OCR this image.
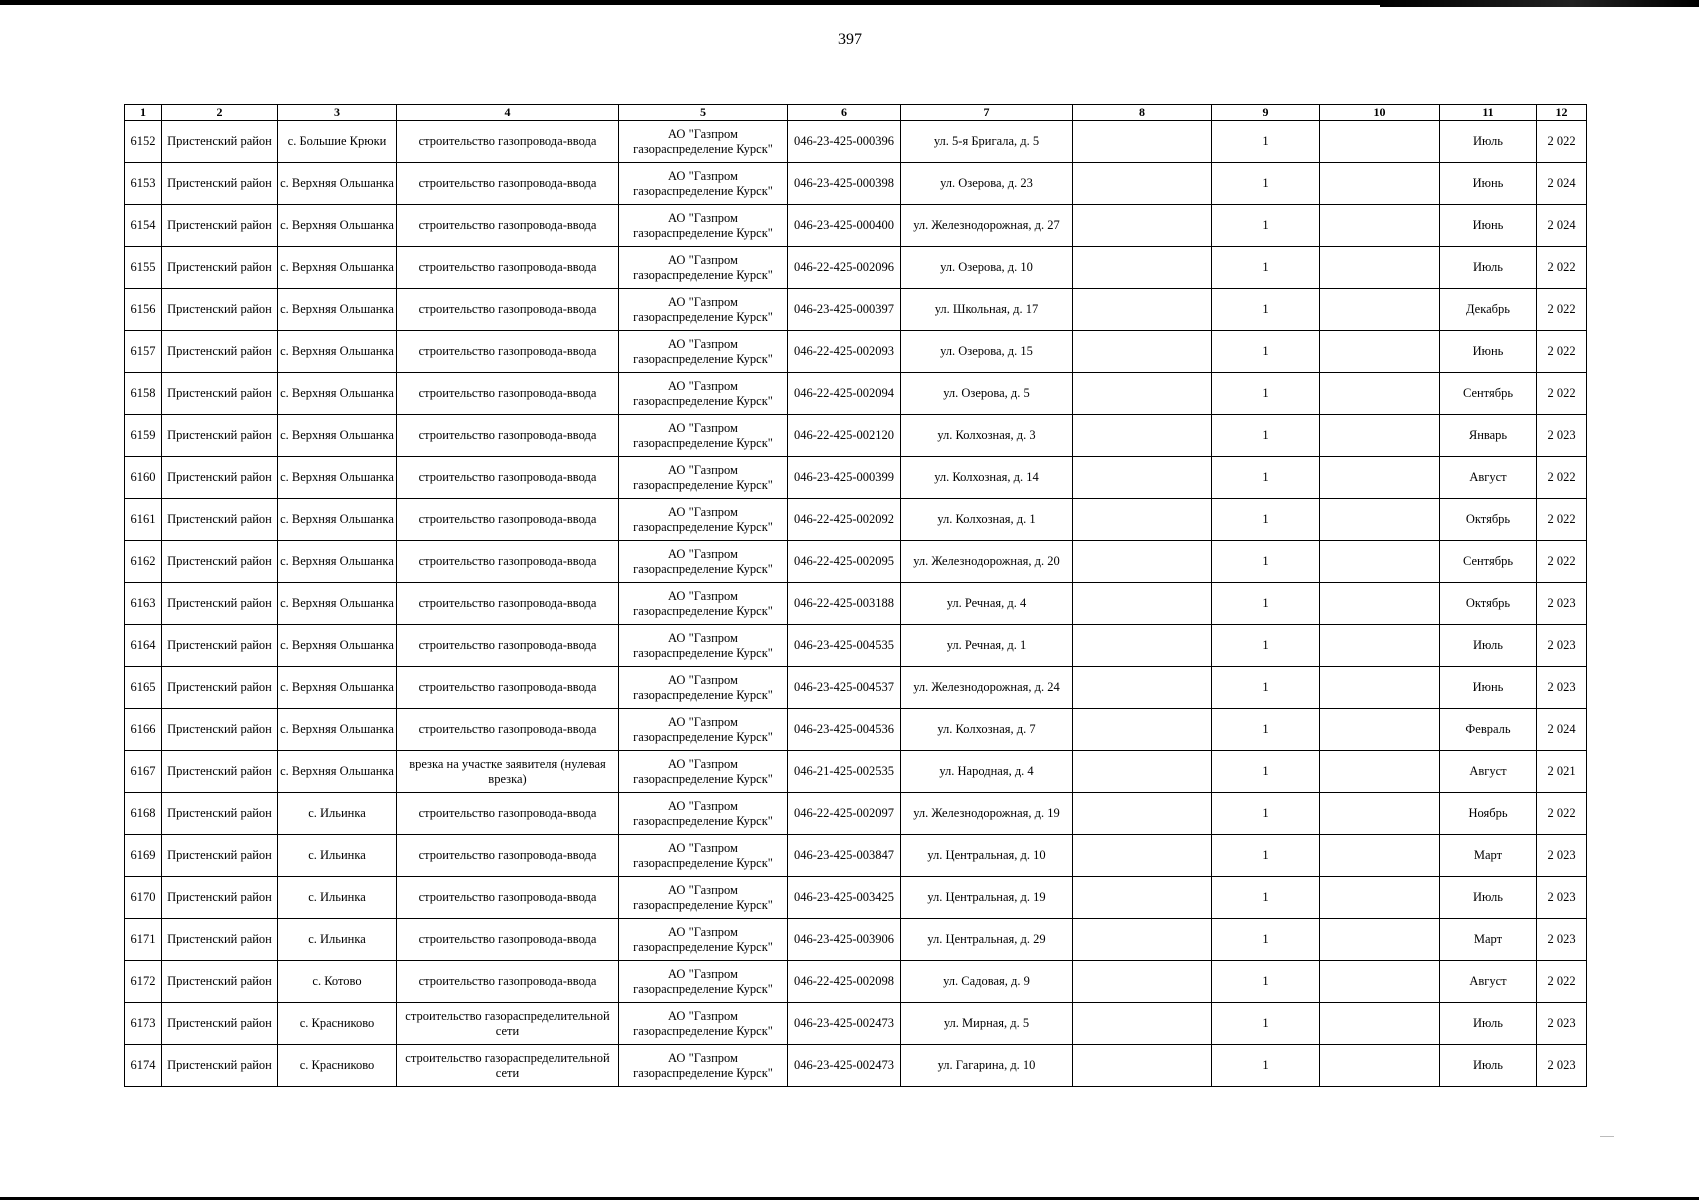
397
1	2	3	4	5	6	7	8	9	10	11	12
6152	Пристенский район	с. Большие Крюки	строительство газопровода-ввода	АО "Газпром газораспределение Курск"	046-23-425-000396	ул. 5-я Бригала, д. 5		1		Июль	2 022
6153	Пристенский район	с. Верхняя Ольшанка	строительство газопровода-ввода	АО "Газпром газораспределение Курск"	046-23-425-000398	ул. Озерова, д. 23		1		Июнь	2 024
6154	Пристенский район	с. Верхняя Ольшанка	строительство газопровода-ввода	АО "Газпром газораспределение Курск"	046-23-425-000400	ул. Железнодорожная, д. 27		1		Июнь	2 024
6155	Пристенский район	с. Верхняя Ольшанка	строительство газопровода-ввода	АО "Газпром газораспределение Курск"	046-22-425-002096	ул. Озерова, д. 10		1		Июль	2 022
6156	Пристенский район	с. Верхняя Ольшанка	строительство газопровода-ввода	АО "Газпром газораспределение Курск"	046-23-425-000397	ул. Школьная, д. 17		1		Декабрь	2 022
6157	Пристенский район	с. Верхняя Ольшанка	строительство газопровода-ввода	АО "Газпром газораспределение Курск"	046-22-425-002093	ул. Озерова, д. 15		1		Июнь	2 022
6158	Пристенский район	с. Верхняя Ольшанка	строительство газопровода-ввода	АО "Газпром газораспределение Курск"	046-22-425-002094	ул. Озерова, д. 5		1		Сентябрь	2 022
6159	Пристенский район	с. Верхняя Ольшанка	строительство газопровода-ввода	АО "Газпром газораспределение Курск"	046-22-425-002120	ул. Колхозная, д. 3		1		Январь	2 023
6160	Пристенский район	с. Верхняя Ольшанка	строительство газопровода-ввода	АО "Газпром газораспределение Курск"	046-23-425-000399	ул. Колхозная, д. 14		1		Август	2 022
6161	Пристенский район	с. Верхняя Ольшанка	строительство газопровода-ввода	АО "Газпром газораспределение Курск"	046-22-425-002092	ул. Колхозная, д. 1		1		Октябрь	2 022
6162	Пристенский район	с. Верхняя Ольшанка	строительство газопровода-ввода	АО "Газпром газораспределение Курск"	046-22-425-002095	ул. Железнодорожная, д. 20		1		Сентябрь	2 022
6163	Пристенский район	с. Верхняя Ольшанка	строительство газопровода-ввода	АО "Газпром газораспределение Курск"	046-22-425-003188	ул. Речная, д. 4		1		Октябрь	2 023
6164	Пристенский район	с. Верхняя Ольшанка	строительство газопровода-ввода	АО "Газпром газораспределение Курск"	046-23-425-004535	ул. Речная, д. 1		1		Июль	2 023
6165	Пристенский район	с. Верхняя Ольшанка	строительство газопровода-ввода	АО "Газпром газораспределение Курск"	046-23-425-004537	ул. Железнодорожная, д. 24		1		Июнь	2 023
6166	Пристенский район	с. Верхняя Ольшанка	строительство газопровода-ввода	АО "Газпром газораспределение Курск"	046-23-425-004536	ул. Колхозная, д. 7		1		Февраль	2 024
6167	Пристенский район	с. Верхняя Ольшанка	врезка на участке заявителя (нулевая врезка)	АО "Газпром газораспределение Курск"	046-21-425-002535	ул. Народная, д. 4		1		Август	2 021
6168	Пристенский район	с. Ильинка	строительство газопровода-ввода	АО "Газпром газораспределение Курск"	046-22-425-002097	ул. Железнодорожная, д. 19		1		Ноябрь	2 022
6169	Пристенский район	с. Ильинка	строительство газопровода-ввода	АО "Газпром газораспределение Курск"	046-23-425-003847	ул. Центральная, д. 10		1		Март	2 023
6170	Пристенский район	с. Ильинка	строительство газопровода-ввода	АО "Газпром газораспределение Курск"	046-23-425-003425	ул. Центральная, д. 19		1		Июль	2 023
6171	Пристенский район	с. Ильинка	строительство газопровода-ввода	АО "Газпром газораспределение Курск"	046-23-425-003906	ул. Центральная, д. 29		1		Март	2 023
6172	Пристенский район	с. Котово	строительство газопровода-ввода	АО "Газпром газораспределение Курск"	046-22-425-002098	ул. Садовая, д. 9		1		Август	2 022
6173	Пристенский район	с. Красниково	строительство газораспределительной сети	АО "Газпром газораспределение Курск"	046-23-425-002473	ул. Мирная, д. 5		1		Июль	2 023
6174	Пристенский район	с. Красниково	строительство газораспределительной сети	АО "Газпром газораспределение Курск"	046-23-425-002473	ул. Гагарина, д. 10		1		Июль	2 023
